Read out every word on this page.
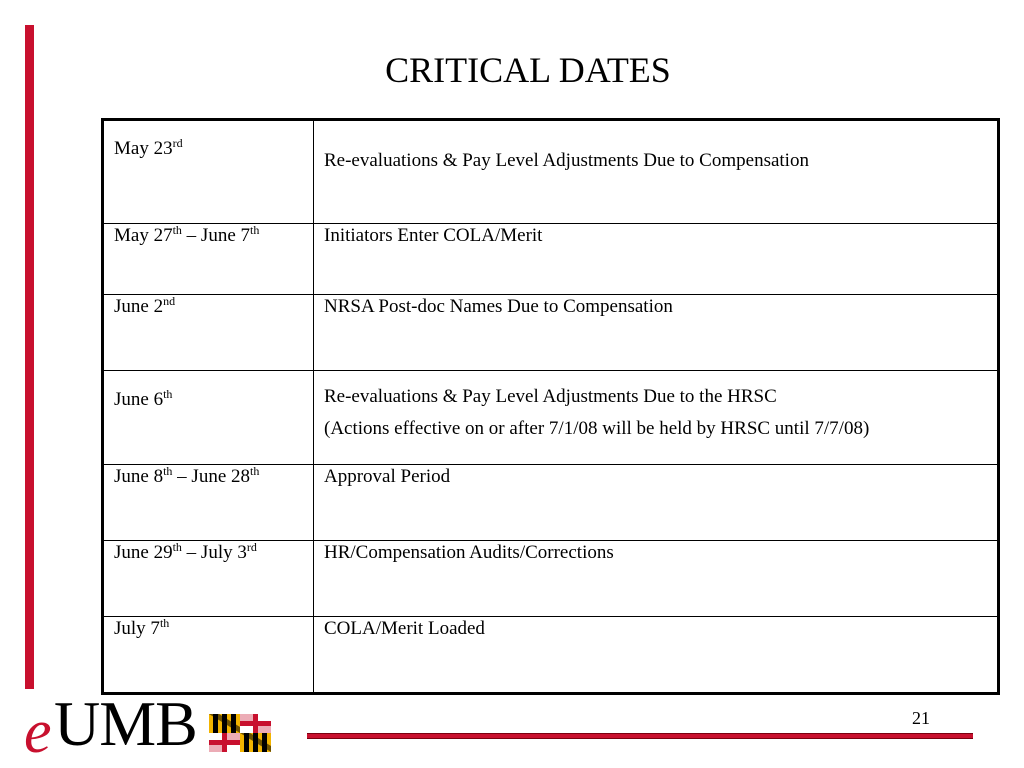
CRITICAL DATES
May 23rd	Re-evaluations & Pay Level Adjustments Due to Compensation

May 27th – June 7th	Initiators Enter COLA/Merit

June 2nd	NRSA Post-doc Names Due to Compensation

June 6th	Re-evaluations & Pay Level Adjustments Due to the HRSC
(Actions effective on or after 7/1/08 will be held by HRSC until 7/7/08)

June 8th – June 28th	Approval Period

June 29th – July 3rd	HR/Compensation Audits/Corrections

July 7th	COLA/Merit Loaded
e UMB	21
